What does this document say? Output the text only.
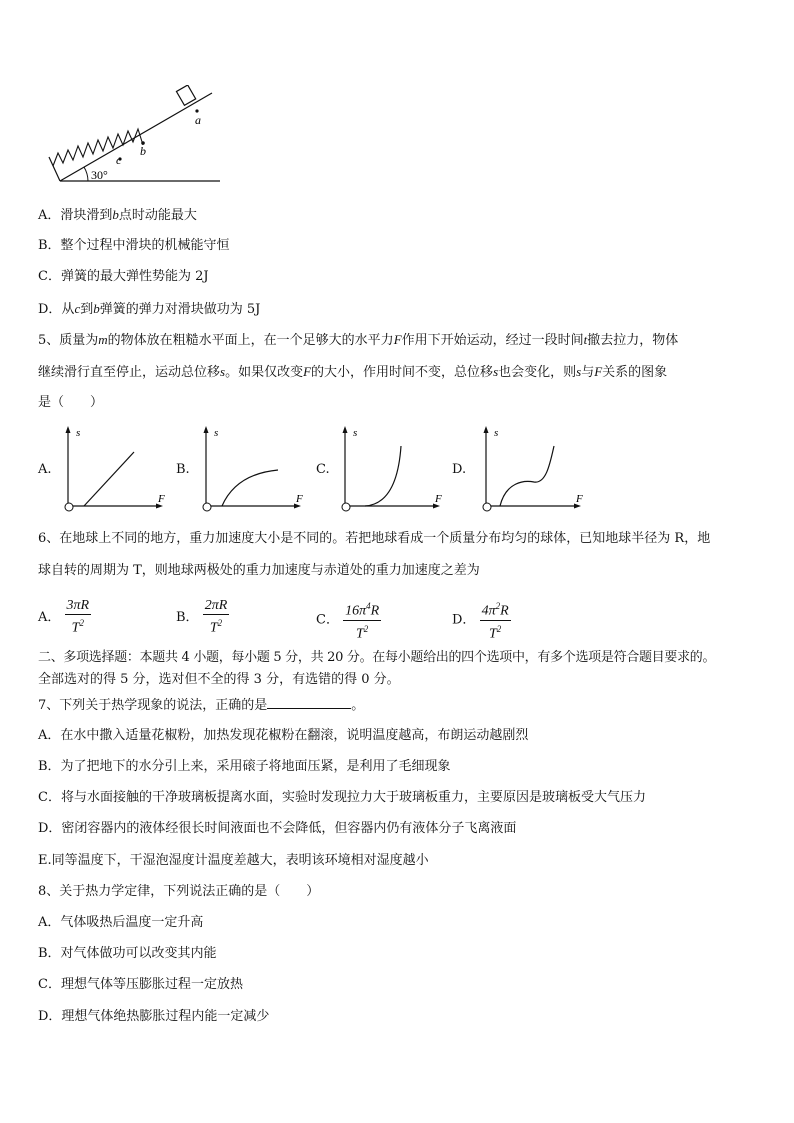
c
b
a
30°
A．滑块滑到b点时动能最大
B．整个过程中滑块的机械能守恒
C．弹簧的最大弹性势能为 2J
D．从c到b弹簧的弹力对滑块做功为 5J
5、质量为m的物体放在粗糙水平面上，在一个足够大的水平力F作用下开始运动，经过一段时间t撤去拉力，物体
继续滑行直至停止，运动总位移s。如果仅改变F的大小，作用时间不变，总位移s也会变化，则s与F关系的图象
是（　　）
A.	B.	C.	D.
s
F
s
F
s
F
s
F
6、在地球上不同的地方，重力加速度大小是不同的。若把地球看成一个质量分布均匀的球体，已知地球半径为 R，地
球自转的周期为 T，则地球两极处的重力加速度与赤道处的重力加速度之差为
A． $\frac{3\pi R}{T^2}$	B． $\frac{2\pi R}{T^2}$	C． $\frac{16\pi^4R}{T^2}$	D． $\frac{4\pi^2R}{T^2}$
二、多项选择题：本题共 4 小题，每小题 5 分，共 20 分。在每小题给出的四个选项中，有多个选项是符合题目要求的。
全部选对的得 5 分，选对但不全的得 3 分，有选错的得 0 分。
7、下列关于热学现象的说法，正确的是	。
A．在水中撒入适量花椒粉，加热发现花椒粉在翻滚，说明温度越高，布朗运动越剧烈
B．为了把地下的水分引上来，采用磙子将地面压紧，是利用了毛细现象
C．将与水面接触的干净玻璃板提离水面，实验时发现拉力大于玻璃板重力，主要原因是玻璃板受大气压力
D．密闭容器内的液体经很长时间液面也不会降低，但容器内仍有液体分子飞离液面
E.同等温度下，干湿泡湿度计温度差越大，表明该环境相对湿度越小
8、关于热力学定律，下列说法正确的是（　　）
A．气体吸热后温度一定升高
B．对气体做功可以改变其内能
C．理想气体等压膨胀过程一定放热
D．理想气体绝热膨胀过程内能一定减少
